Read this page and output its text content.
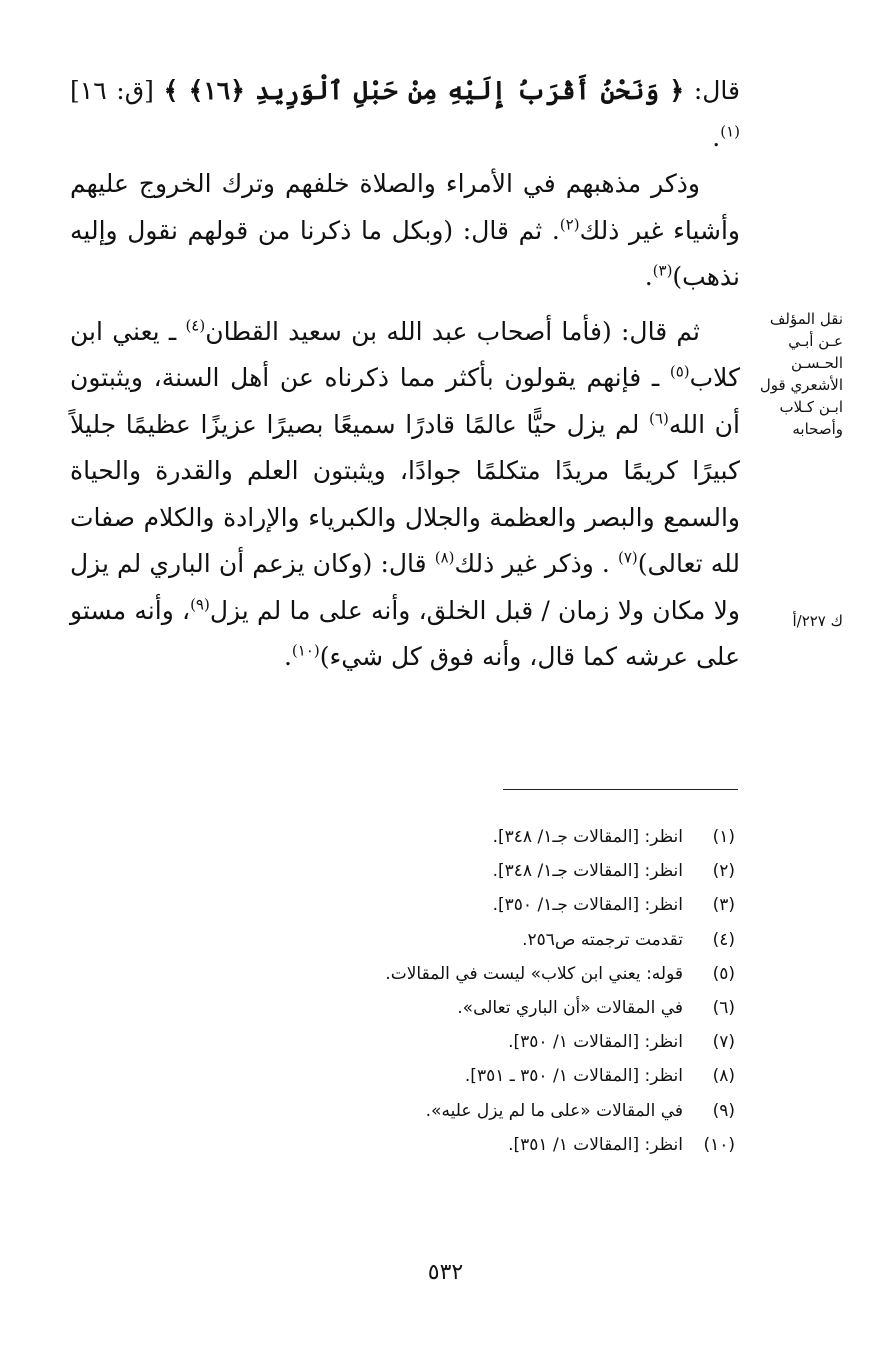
قال: ﴿ وَنَحْنُ أَقْرَبُ إِلَيْهِ مِنْ حَبْلِ ٱلْوَرِيدِ ﴿١٦﴾ ﴾ [ق: ١٦]$^{(١)}$.

وذكر مذهبهم في الأمراء والصلاة خلفهم وترك الخروج عليهم وأشياء غير ذلك$^{(٢)}$. ثم قال: (وبكل ما ذكرنا من قولهم نقول وإليه نذهب)$^{(٣)}$.

ثم قال: (فأما أصحاب عبد الله بن سعيد القطان$^{(٤)}$ ـ يعني ابن كلاب$^{(٥)}$ ـ فإنهم يقولون بأكثر مما ذكرناه عن أهل السنة، ويثبتون أن الله$^{(٦)}$ لم يزل حيًّا عالمًا قادرًا سميعًا بصيرًا عزيزًا عظيمًا جليلاً كبيرًا كريمًا مريدًا متكلمًا جوادًا، ويثبتون العلم والقدرة والحياة والسمع والبصر والعظمة والجلال والكبرياء والإرادة والكلام صفات لله تعالى)$^{(٧)}$ . وذكر غير ذلك$^{(٨)}$ قال: (وكان يزعم أن الباري لم يزل ولا مكان ولا زمان / قبل الخلق، وأنه على ما لم يزل$^{(٩)}$، وأنه مستو على عرشه كما قال، وأنه فوق كل شيء)$^{(١٠)}$.

نقل المؤلف
عـن أبـي
الحـسـن
الأشعري قول
ابـن كـلاب
وأصحابه
ك ٢٢٧/أ
(١)انظر: [المقالات جـ١/ ٣٤٨].
(٢)انظر: [المقالات جـ١/ ٣٤٨].
(٣)انظر: [المقالات جـ١/ ٣٥٠].
(٤)تقدمت ترجمته ص٢٥٦.
(٥)قوله: يعني ابن كلاب» ليست في المقالات.
(٦)في المقالات «أن الباري تعالى».
(٧)انظر: [المقالات ١/ ٣٥٠].
(٨)انظر: [المقالات ١/ ٣٥٠ ـ ٣٥١].
(٩)في المقالات «على ما لم يزل عليه».
(١٠)انظر: [المقالات ١/ ٣٥١].
٥٣٢
